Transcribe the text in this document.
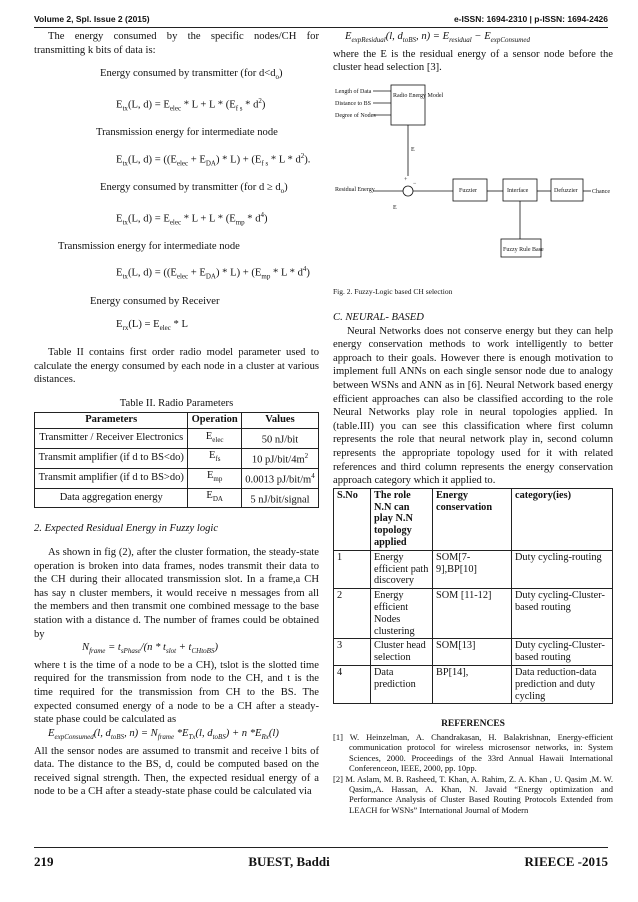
Volume 2, Spl. Issue 2 (2015)	e-ISSN: 1694-2310 | p-ISSN: 1694-2426

The energy consumed by the specific nodes/CH for transmitting k bits of data is:

Energy consumed by transmitter (for $d<d_o$)

$E_{tx}(L$, $d) = E_{elec} * L + L * (E_{f s} * d^2)$

Transmission energy for intermediate node

$E_{tx}(L$, $d) = ((E_{elec} + E_{DA}) * L) + (E_{f s} * L * d^2)$.

Energy consumed by transmitter (for $d \ge d_o$)

$E_{tx}(L$, $d) = E_{elec} * L + L * (E_{mp} * d^4)$

Transmission energy for intermediate node

$E_{tx}(L$, $d) = ((E_{elec} + E_{DA}) * L) + (E_{mp} * L * d^4)$

Energy consumed by Receiver

$E_{rx}(L) = E_{elec} * L$

Table II contains first order radio model parameter used to calculate the energy consumed by each node in a cluster at various distances.

Table II. Radio Parameters

Parameters	Operation	Values
Transmitter / Receiver Electronics	$E_{elec}$	50 nJ/bit
Transmit amplifier (if d to BS<do)	$E_{fs}$	10 $pJ/bit/4m^2$
Transmit amplifier (if d to BS>do)	$E_{mp}$	0.0013 $pJ/bit/m^4$
Data aggregation energy	$E_{DA}$	5 nJ/bit/signal

2. Expected Residual Energy in Fuzzy logic

As shown in fig (2), after the cluster formation, the steady-state operation is broken into data frames, nodes transmit their data to the CH during their allocated transmission slot. In a frame,a CH has say n cluster members, it would receive n messages from all the members and then transmit one combined message to the base station with a distance d. The number of frames could be obtained by

$N_{frame} = t_{sPhase}/(n * t_{slot} + t_{CHtoBS})$

where t is the time of a node to be a CH), tslot is the slotted time required for the transmission from node to the CH, and t is the time required for the transmission from CH to the BS. The expected consumed energy of a node to be a CH after a steady-state phase could be calculated as

$E_{expConsumed}(l$, $d_{toBS}$, $n) = N_{frame}$ $*E_{Tx}(l$, $d_{toBS}) + n$ $*E_{Rx}(l)$

All the sensor nodes are assumed to transmit and receive l bits of data. The distance to the BS, d, could be computed based on the received signal strength. Then, the expected residual energy of a node to be a CH after a steady-state phase could be calculated via

$E_{expResidual}(l$, $d_{toBS}$, $n) = E_{residual} - E_{expConsumed}$

where the E is the residual energy of a sensor node before the cluster head selection [3].

Length of Data
Distance to BS
Degree of Nodes
Radio Energy Model
E
+
−
Residual Energy
E
Fuzzier	Interface	Defuzzier Chance
Fuzzy Rule Base

Fig. 2. Fuzzy-Logic based CH selection

C. NEURAL- BASED

Neural Networks does not conserve energy but they can help energy conservation methods to work intelligently to better approach to their goals. However there is enough motivation to implement full ANNs on each single sensor node due to analogy between WSNs and ANN as in [6]. Neural Network based energy efficient approaches can also be classified according to the role Neural Networks play role in neural topologies applied. In (table.III) you can see this classification where first column represents the role that neural network play in, second column represents the appropriate topology used for it with related references and third column represents the energy conservation approach category which it applied to.

S.No	The role N.N can play N.N topology applied	Energy conservation	category(ies)
1	Energy efficient path discovery	SOM[7-9],BP[10]	Duty cycling-routing
2	Energy efficient Nodes clustering	SOM [11-12]	Duty cycling-Cluster-based routing
3	Cluster head selection	SOM[13]	Duty cycling-Cluster-based routing
4	Data prediction	BP[14],	Data reduction-data prediction and duty cycling

REFERENCES

[1] W. Heinzelman, A. Chandrakasan, H. Balakrishnan, Energy-efficient communication protocol for wireless microsensor networks, in: System Sciences, 2000. Proceedings of the 33rd Annual Hawaii International Conferenceon, IEEE, 2000, pp. 10pp.

[2] M. Aslam, M. B. Rasheed, T. Khan, A. Rahim, Z. A. Khan , U. Qasim ,M. W. Qasim,,A. Hassan, A. Khan, N. Javaid “Energy optimization and Performance Analysis of Cluster Based Routing Protocols Extended from LEACH for WSNs” International Journal of Modern

219	BUEST, Baddi	RIEECE -2015
